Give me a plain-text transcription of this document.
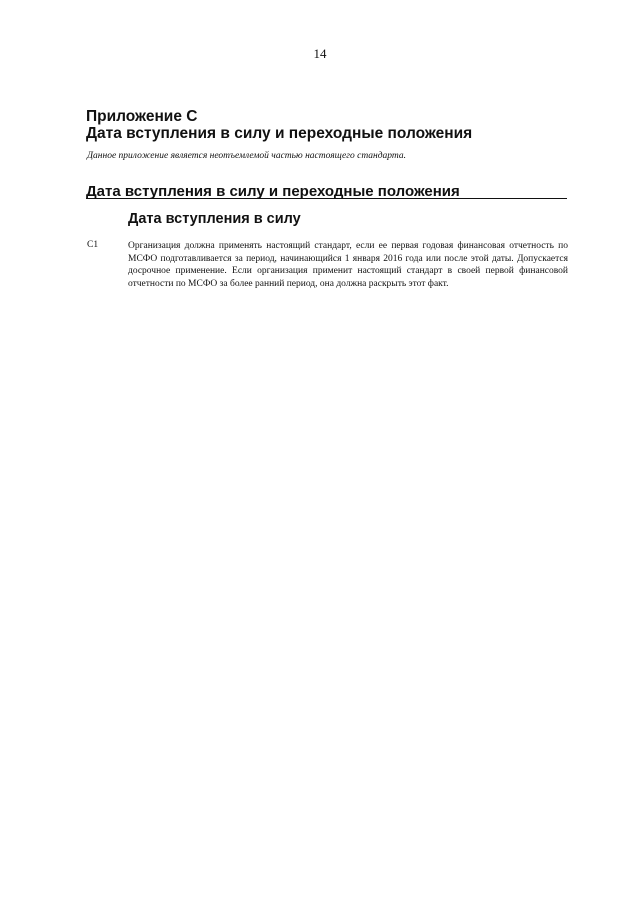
14
Приложение С
Дата вступления в силу и переходные положения
Данное приложение является неотъемлемой частью настоящего стандарта.
Дата вступления в силу и переходные положения
Дата вступления в силу
С1	Организация должна применять настоящий стандарт, если ее первая годовая финансовая отчетность по МСФО подготавливается за период, начинающийся 1 января 2016 года или после этой даты. Допускается досрочное применение. Если организация применит настоящий стандарт в своей первой финансовой отчетности по МСФО за более ранний период, она должна раскрыть этот факт.
